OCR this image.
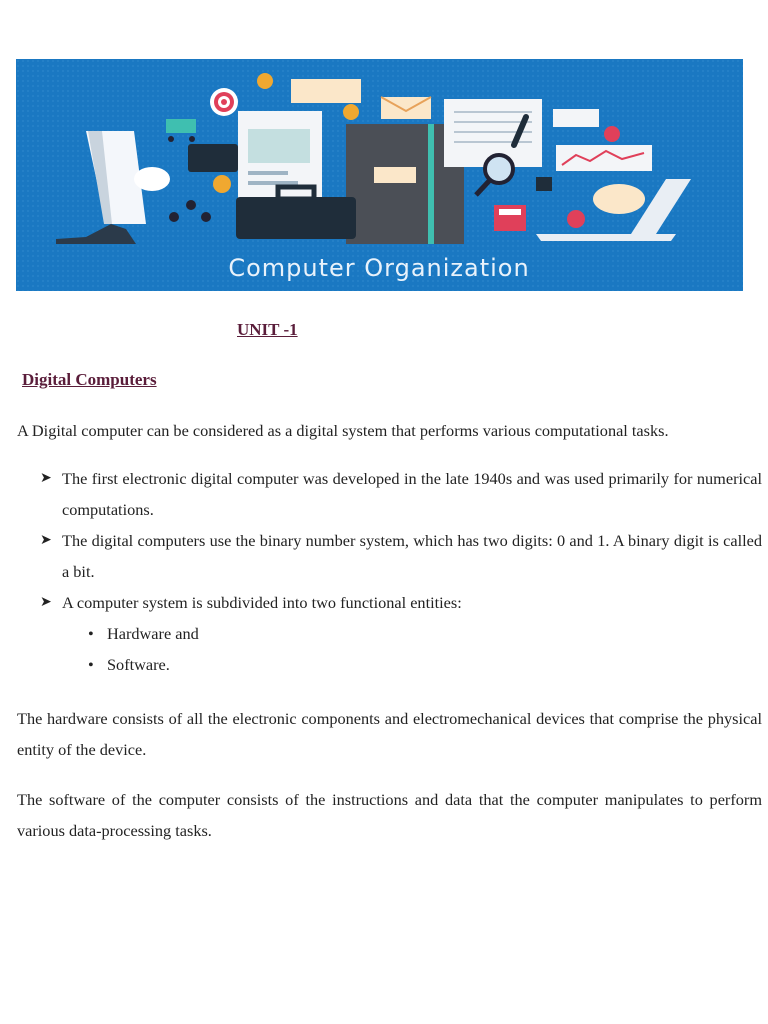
Computer Organization
UNIT -1
Digital Computers
A Digital computer can be considered as a digital system that performs various computational tasks.
➤ The first electronic digital computer was developed in the late 1940s and was used primarily for numerical computations.
➤ The digital computers use the binary number system, which has two digits: 0 and 1. A binary digit is called a bit.
➤ A computer system is subdivided into two functional entities:
• Hardware and
• Software.
The hardware consists of all the electronic components and electromechanical devices that comprise the physical entity of the device.
The software of the computer consists of the instructions and data that the computer manipulates to perform various data-processing tasks.
